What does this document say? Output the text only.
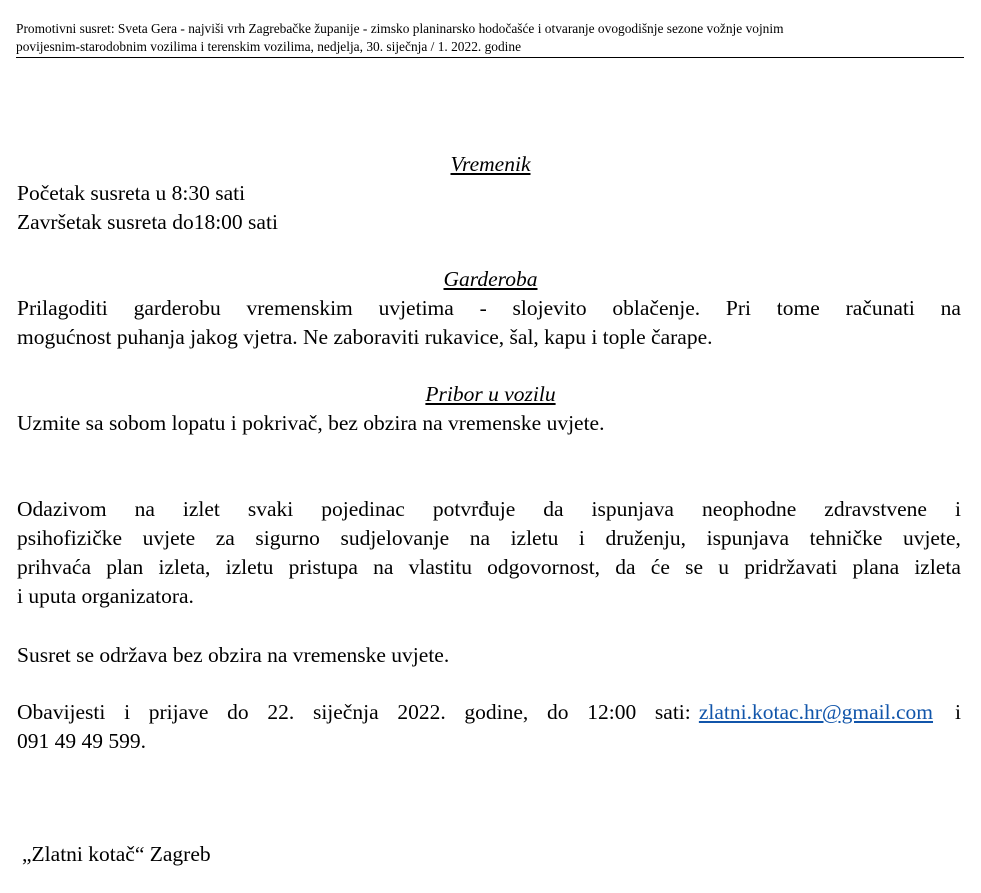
Promotivni susret: Sveta Gera - najviši vrh Zagrebačke županije - zimsko planinarsko hodočašće i otvaranje ovogodišnje sezone vožnje vojnim
povijesnim-starodobnim vozilima i terenskim vozilima, nedjelja, 30. siječnja / 1. 2022. godine
Vremenik
Početak susreta u 8:30 sati
Završetak susreta do18:00 sati
Garderoba
Prilagoditi garderobu vremenskim uvjetima - slojevito oblačenje. Pri tome računati na
mogućnost puhanja jakog vjetra. Ne zaboraviti rukavice, šal, kapu i tople čarape.
Pribor u vozilu
Uzmite sa sobom lopatu i pokrivač, bez obzira na vremenske uvjete.
Odazivom na izlet svaki pojedinac potvrđuje da ispunjava neophodne zdravstvene i
psihofizičke uvjete za sigurno sudjelovanje na izletu i druženju, ispunjava tehničke uvjete,
prihvaća plan izleta, izletu pristupa na vlastitu odgovornost, da će se u pridržavati plana izleta
i uputa organizatora.
Susret se održava bez obzira na vremenske uvjete.
Obavijesti i prijave do 22. siječnja 2022. godine, do 12:00 sati: zlatni.kotac.hr@gmail.com i
091 49 49 599.
„Zlatni kotač“ Zagreb
